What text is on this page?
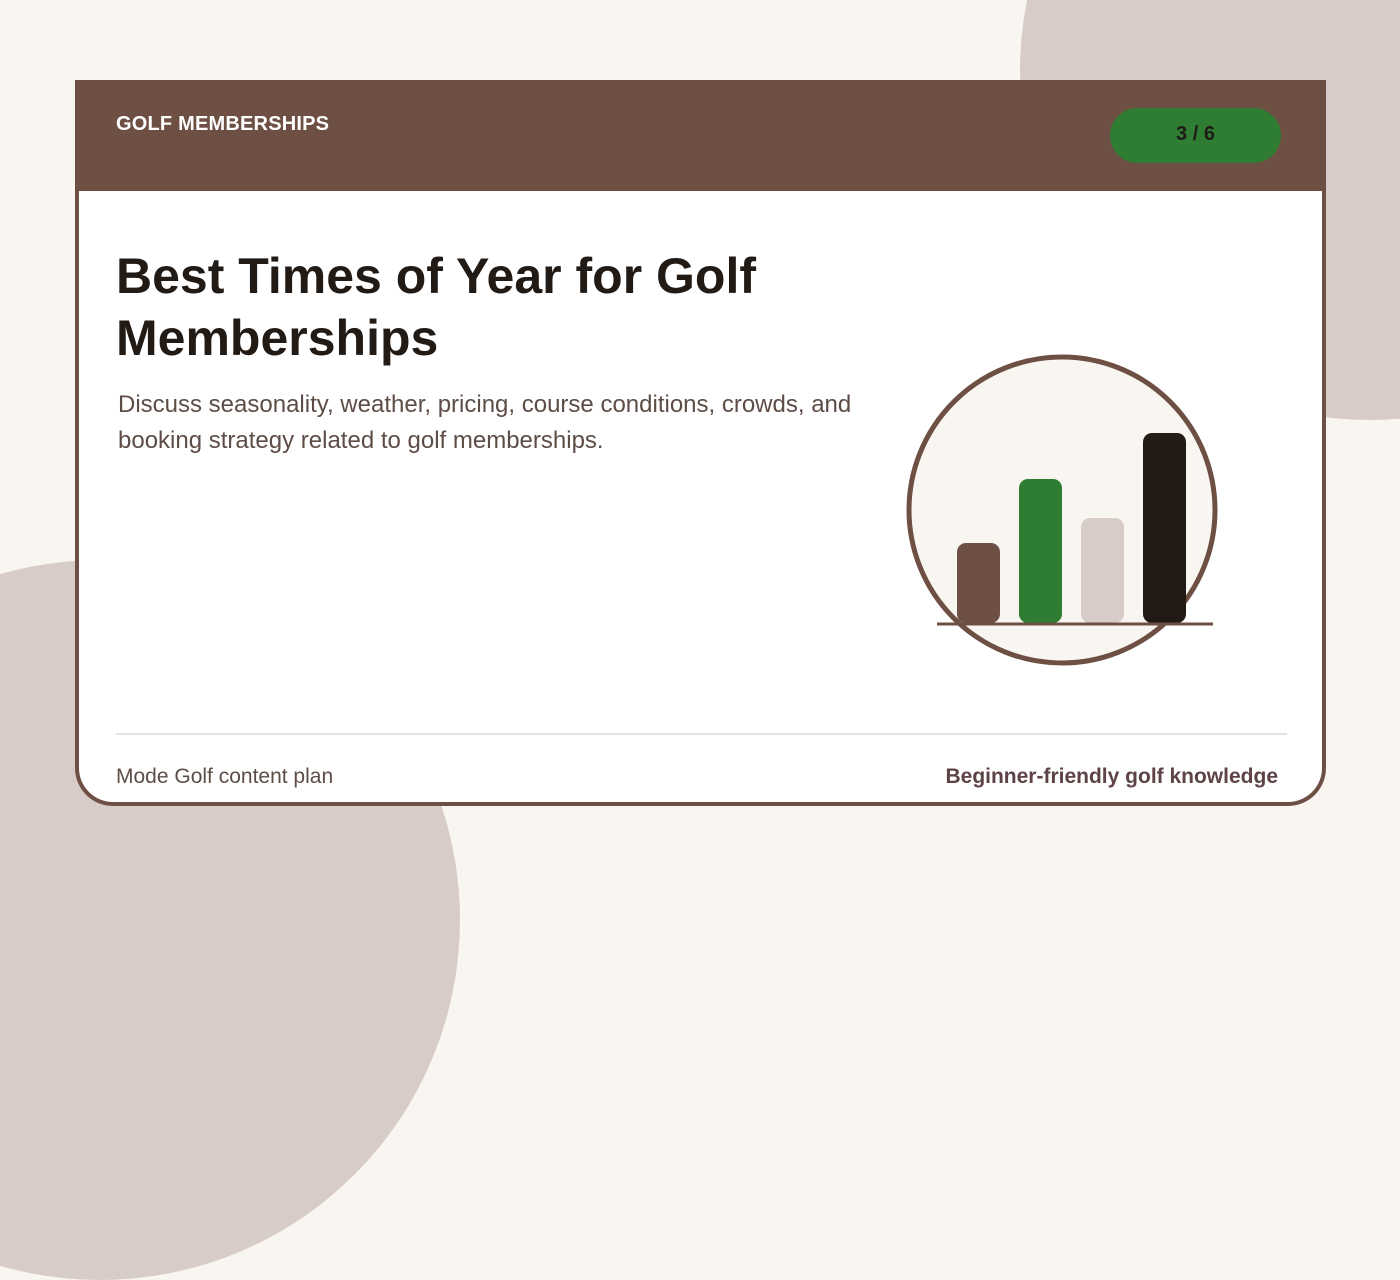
GOLF MEMBERSHIPS	3 / 6
Best Times of Year for Golf Memberships

Discuss seasonality, weather, pricing, course conditions, crowds, and booking strategy related to golf memberships.

Mode Golf content plan	Beginner-friendly golf knowledge
